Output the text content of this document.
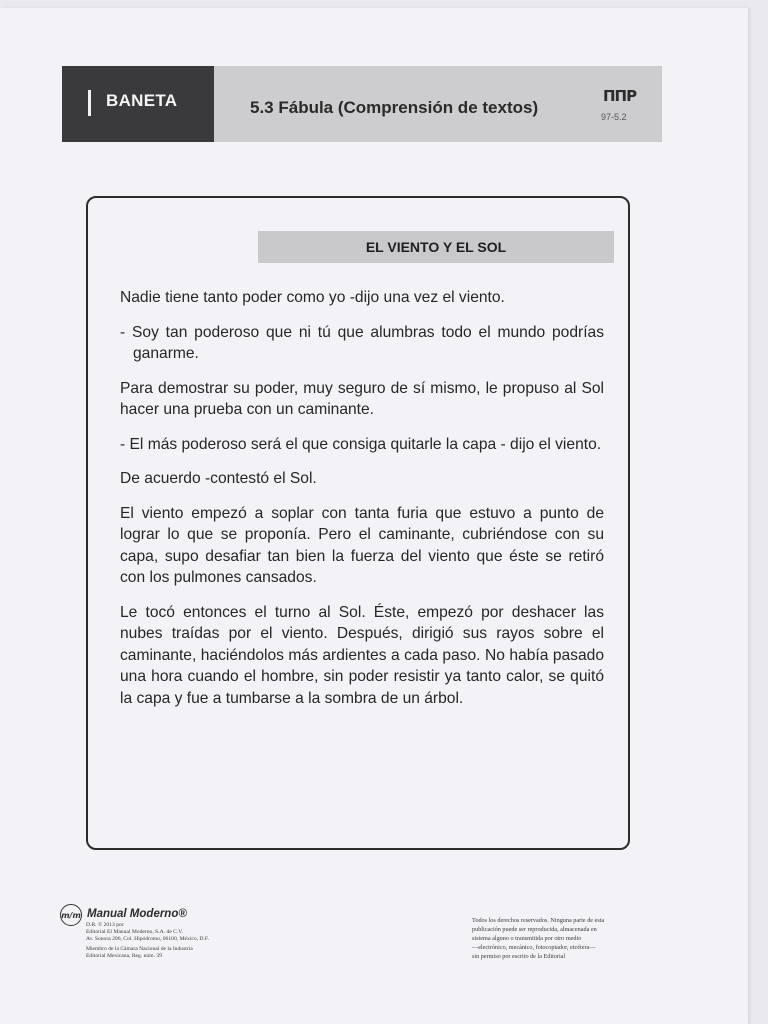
BANETA	5.3 Fábula (Comprensión de textos)
ΠΠP
97-5.2
EL VIENTO Y EL SOL

Nadie tiene tanto poder como yo -dijo una vez el viento.

- Soy tan poderoso que ni tú que alumbras todo el mundo podrías ganarme.

Para demostrar su poder, muy seguro de sí mismo, le propuso al Sol hacer una prueba con un caminante.

- El más poderoso será el que consiga quitarle la capa - dijo el viento.

De acuerdo -contestó el Sol.

El viento empezó a soplar con tanta furia que estuvo a punto de lograr lo que se proponía. Pero el caminante, cubriéndose con su capa, supo desafiar tan bien la fuerza del viento que éste se retiró con los pulmones cansados.

Le tocó entonces el turno al Sol. Éste, empezó por deshacer las nubes traídas por el viento. Después, dirigió sus rayos sobre el caminante, haciéndolos más ardientes a cada paso. No había pasado una hora cuando el hombre, sin poder resistir ya tanto calor, se quitó la capa y fue a tumbarse a la sombra de un árbol.

m/m Manual Moderno®
D.R. © 2013 por
Editorial El Manual Moderno, S.A. de C.V.
Av. Sonora 206, Col. Hipódromo, 06100, México, D.F.
Miembro de la Cámara Nacional de la Industria
Editorial Mexicana, Reg. núm. 39
Todos los derechos reservados. Ninguna parte de esta
publicación puede ser reproducida, almacenada en
sistema alguno o transmitida por otro medio
—electrónico, mecánico, fotocopiador, etcétera—
sin permiso por escrito de la Editorial
